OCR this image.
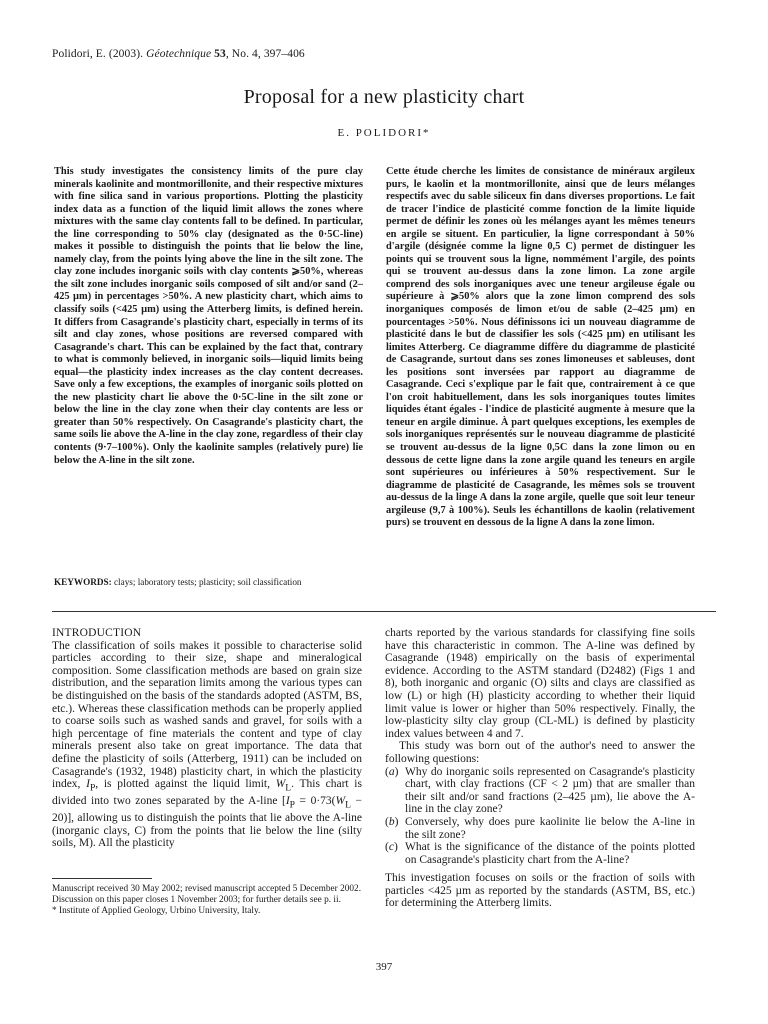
Polidori, E. (2003). Géotechnique 53, No. 4, 397–406
Proposal for a new plasticity chart
E. POLIDORI*
This study investigates the consistency limits of the pure clay minerals kaolinite and montmorillonite, and their respective mixtures with fine silica sand in various proportions. Plotting the plasticity index data as a function of the liquid limit allows the zones where mixtures with the same clay contents fall to be defined. In particular, the line corresponding to 50% clay (designated as the 0·5C-line) makes it possible to distinguish the points that lie below the line, namely clay, from the points lying above the line in the silt zone. The clay zone includes inorganic soils with clay contents ⩾50%, whereas the silt zone includes inorganic soils composed of silt and/or sand (2–425 µm) in percentages >50%. A new plasticity chart, which aims to classify soils (<425 µm) using the Atterberg limits, is defined herein. It differs from Casagrande's plasticity chart, especially in terms of its silt and clay zones, whose positions are reversed compared with Casagrande's chart. This can be explained by the fact that, contrary to what is commonly believed, in inorganic soils—liquid limits being equal—the plasticity index increases as the clay content decreases. Save only a few exceptions, the examples of inorganic soils plotted on the new plasticity chart lie above the 0·5C-line in the silt zone or below the line in the clay zone when their clay contents are less or greater than 50% respectively. On Casagrande's plasticity chart, the same soils lie above the A-line in the clay zone, regardless of their clay contents (9·7–100%). Only the kaolinite samples (relatively pure) lie below the A-line in the silt zone.
Cette étude cherche les limites de consistance de minéraux argileux purs, le kaolin et la montmorillonite, ainsi que de leurs mélanges respectifs avec du sable siliceux fin dans diverses proportions. Le fait de tracer l'indice de plasticité comme fonction de la limite liquide permet de définir les zones où les mélanges ayant les mêmes teneurs en argile se situent. En particulier, la ligne correspondant à 50% d'argile (désignée comme la ligne 0,5 C) permet de distinguer les points qui se trouvent sous la ligne, nommément l'argile, des points qui se trouvent au-dessus dans la zone limon. La zone argile comprend des sols inorganiques avec une teneur argileuse égale ou supérieure à ⩾50% alors que la zone limon comprend des sols inorganiques composés de limon et/ou de sable (2–425 µm) en pourcentages >50%. Nous définissons ici un nouveau diagramme de plasticité dans le but de classifier les sols (<425 µm) en utilisant les limites Atterberg. Ce diagramme diffère du diagramme de plasticité de Casagrande, surtout dans ses zones limoneuses et sableuses, dont les positions sont inversées par rapport au diagramme de Casagrande. Ceci s'explique par le fait que, contrairement à ce que l'on croit habituellement, dans les sols inorganiques toutes limites liquides étant égales - l'indice de plasticité augmente à mesure que la teneur en argile diminue. À part quelques exceptions, les exemples de sols inorganiques représentés sur le nouveau diagramme de plasticité se trouvent au-dessus de la ligne 0,5C dans la zone limon ou en dessous de cette ligne dans la zone argile quand les teneurs en argile sont supérieures ou inférieures à 50% respectivement. Sur le diagramme de plasticité de Casagrande, les mêmes sols se trouvent au-dessus de la linge A dans la zone argile, quelle que soit leur teneur argileuse (9,7 à 100%). Seuls les échantillons de kaolin (relativement purs) se trouvent en dessous de la ligne A dans la zone limon.
KEYWORDS: clays; laboratory tests; plasticity; soil classification

INTRODUCTION

The classification of soils makes it possible to characterise solid particles according to their size, shape and mineralogical composition. Some classification methods are based on grain size distribution, and the separation limits among the various types can be distinguished on the basis of the standards adopted (ASTM, BS, etc.). Whereas these classification methods can be properly applied to coarse soils such as washed sands and gravel, for soils with a high percentage of fine materials the content and type of clay minerals present also take on great importance. The data that define the plasticity of soils (Atterberg, 1911) can be included on Casagrande's (1932, 1948) plasticity chart, in which the plasticity index, $I_P$, is plotted against the liquid limit, $W_L$. This chart is divided into two zones separated by the A-line $[I_P = 0\cdot 73(W_L - 20)]$, allowing us to distinguish the points that lie above the A-line (inorganic clays, C) from the points that lie below the line (silty soils, M). All the plasticity

charts reported by the various standards for classifying fine soils have this characteristic in common. The A-line was defined by Casagrande (1948) empirically on the basis of experimental evidence. According to the ASTM standard (D2482) (Figs 1 and 8), both inorganic and organic (O) silts and clays are classified as low (L) or high (H) plasticity according to whether their liquid limit value is lower or higher than 50% respectively. Finally, the low-plasticity silty clay group (CL-ML) is defined by plasticity index values between 4 and 7.

This study was born out of the author's need to answer the following questions:

(a) Why do inorganic soils represented on Casagrande's plasticity chart, with clay fractions (CF < 2 µm) that are smaller than their silt and/or sand fractions (2–425 µm), lie above the A-line in the clay zone?
(b) Conversely, why does pure kaolinite lie below the A-line in the silt zone?
(c) What is the significance of the distance of the points plotted on Casagrande's plasticity chart from the A-line?

This investigation focuses on soils or the fraction of soils with particles <425 µm as reported by the standards (ASTM, BS, etc.) for determining the Atterberg limits.

Manuscript received 30 May 2002; revised manuscript accepted 5 December 2002.

Discussion on this paper closes 1 November 2003; for further details see p. ii.

* Institute of Applied Geology, Urbino University, Italy.

397
